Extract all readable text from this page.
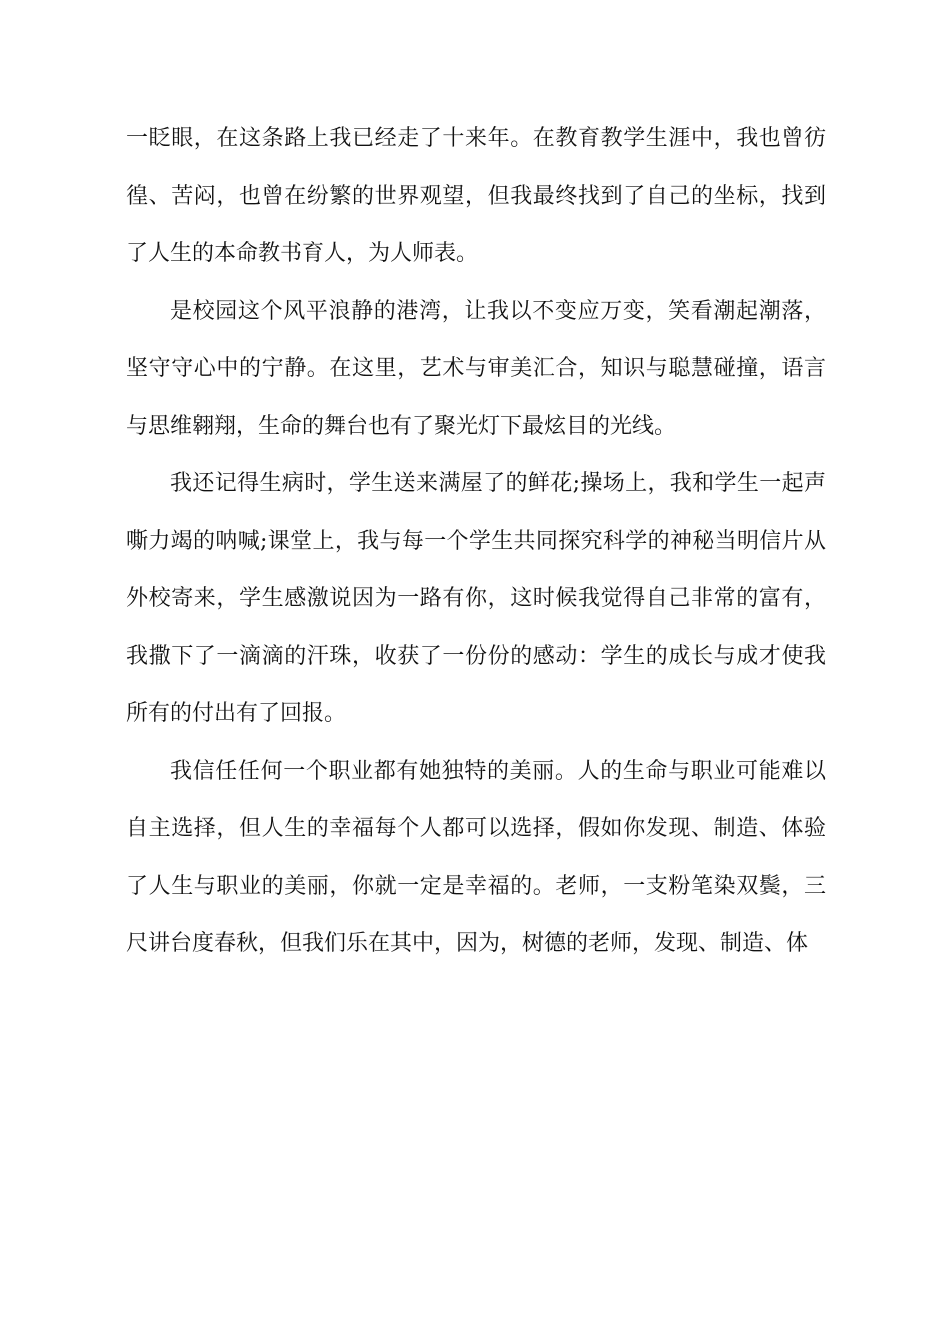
一眨眼，在这条路上我已经走了十来年。在教育教学生涯中，我也曾彷徨、苦闷，也曾在纷繁的世界观望，但我最终找到了自己的坐标，找到了人生的本命教书育人，为人师表。

是校园这个风平浪静的港湾，让我以不变应万变，笑看潮起潮落，坚守守心中的宁静。在这里，艺术与审美汇合，知识与聪慧碰撞，语言与思维翱翔，生命的舞台也有了聚光灯下最炫目的光线。

我还记得生病时，学生送来满屋了的鲜花;操场上，我和学生一起声嘶力竭的呐喊;课堂上，我与每一个学生共同探究科学的神秘当明信片从外校寄来，学生感激说因为一路有你，这时候我觉得自己非常的富有，我撒下了一滴滴的汗珠，收获了一份份的感动：学生的成长与成才使我所有的付出有了回报。

我信任任何一个职业都有她独特的美丽。人的生命与职业可能难以自主选择，但人生的幸福每个人都可以选择，假如你发现、制造、体验了人生与职业的美丽，你就一定是幸福的。老师，一支粉笔染双鬓，三尺讲台度春秋，但我们乐在其中，因为，树德的老师，发现、制造、体
